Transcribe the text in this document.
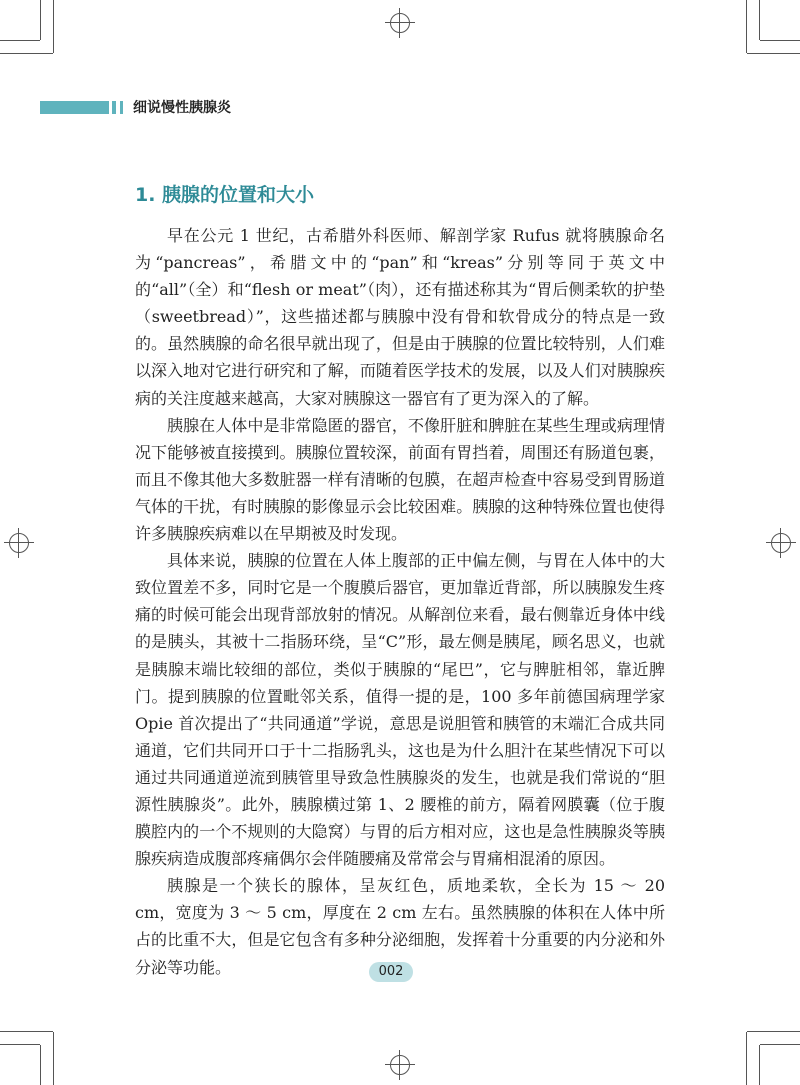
细说慢性胰腺炎
1. 胰腺的位置和大小

早在公元 1 世纪，古希腊外科医师、解剖学家 Rufus 就将胰腺命名为“pancreas”，希腊文中的“pan”和“kreas”分别等同于英文中的“all”（全）和“flesh or meat”（肉），还有描述称其为“胃后侧柔软的护垫（sweetbread）”，这些描述都与胰腺中没有骨和软骨成分的特点是一致的。虽然胰腺的命名很早就出现了，但是由于胰腺的位置比较特别，人们难以深入地对它进行研究和了解，而随着医学技术的发展，以及人们对胰腺疾病的关注度越来越高，大家对胰腺这一器官有了更为深入的了解。

胰腺在人体中是非常隐匿的器官，不像肝脏和脾脏在某些生理或病理情况下能够被直接摸到。胰腺位置较深，前面有胃挡着，周围还有肠道包裹，而且不像其他大多数脏器一样有清晰的包膜，在超声检查中容易受到胃肠道气体的干扰，有时胰腺的影像显示会比较困难。胰腺的这种特殊位置也使得许多胰腺疾病难以在早期被及时发现。

具体来说，胰腺的位置在人体上腹部的正中偏左侧，与胃在人体中的大致位置差不多，同时它是一个腹膜后器官，更加靠近背部，所以胰腺发生疼痛的时候可能会出现背部放射的情况。从解剖位来看，最右侧靠近身体中线的是胰头，其被十二指肠环绕，呈“C”形，最左侧是胰尾，顾名思义，也就是胰腺末端比较细的部位，类似于胰腺的“尾巴”，它与脾脏相邻，靠近脾门。提到胰腺的位置毗邻关系，值得一提的是，100 多年前德国病理学家 Opie 首次提出了“共同通道”学说，意思是说胆管和胰管的末端汇合成共同通道，它们共同开口于十二指肠乳头，这也是为什么胆汁在某些情况下可以通过共同通道逆流到胰管里导致急性胰腺炎的发生，也就是我们常说的“胆源性胰腺炎”。此外，胰腺横过第 1、2 腰椎的前方，隔着网膜囊（位于腹膜腔内的一个不规则的大隐窝）与胃的后方相对应，这也是急性胰腺炎等胰腺疾病造成腹部疼痛偶尔会伴随腰痛及常常会与胃痛相混淆的原因。

胰腺是一个狭长的腺体，呈灰红色，质地柔软，全长为 15 ～ 20 cm，宽度为 3 ～ 5 cm，厚度在 2 cm 左右。虽然胰腺的体积在人体中所占的比重不大，但是它包含有多种分泌细胞，发挥着十分重要的内分泌和外分泌等功能。	002
